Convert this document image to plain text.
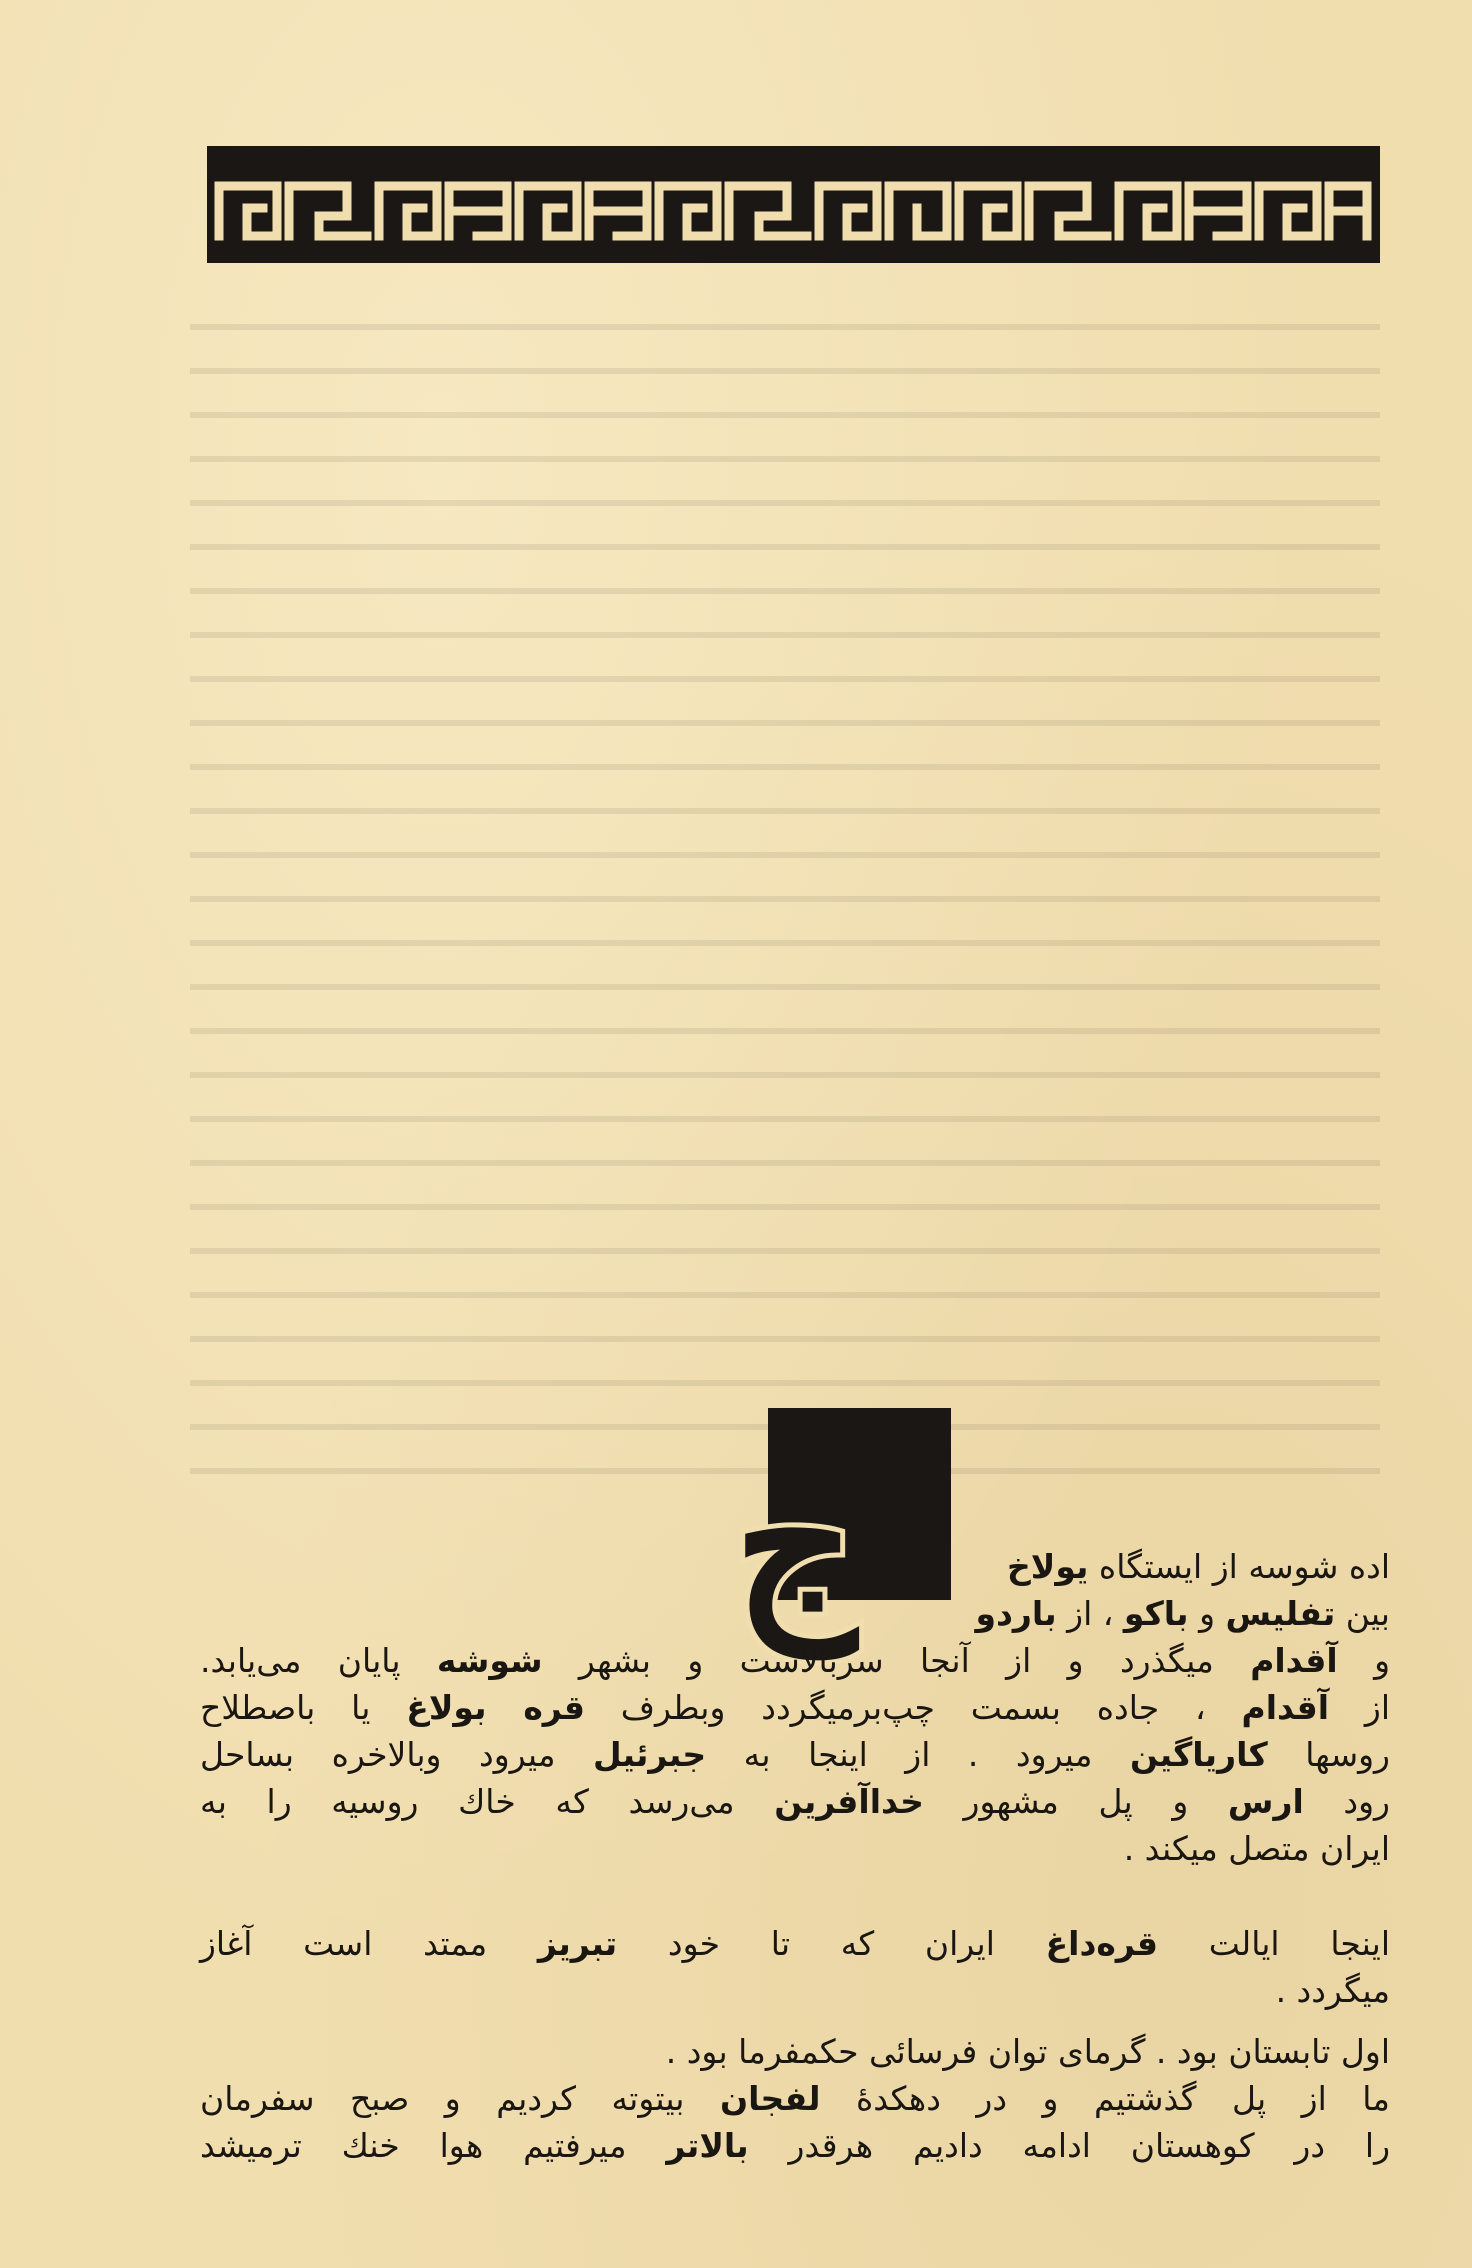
ج	اده شوسه از ایستگاه یولاخ
بین تفلیس و باکو ، از باردو
و آقدام میگذرد و از آنجا سربالاست و بشهر شوشه پایان می‌یابد.
از آقدام ، جاده بسمت چپ‌برمیگردد وبطرف قره بولاغ یا باصطلاح
روسها کاریاگین میرود . از اینجا به جبرئیل میرود وبالاخره بساحل
رود ارس و پل مشهور خداآفرین می‌رسد که خاك روسیه را به
ایران متصل میکند .
اینجا ایالت قره‌داغ ایران که تا خود تبریز ممتد است آغاز
میگردد .
اول تابستان بود . گرمای توان فرسائی حکمفرما بود .
ما از پل گذشتیم و در دهکدهٔ لفجان بیتوته کردیم و صبح سفرمان
را در کوهستان ادامه دادیم هرقدر بالاتر میرفتیم هوا خنك ترمیشد
